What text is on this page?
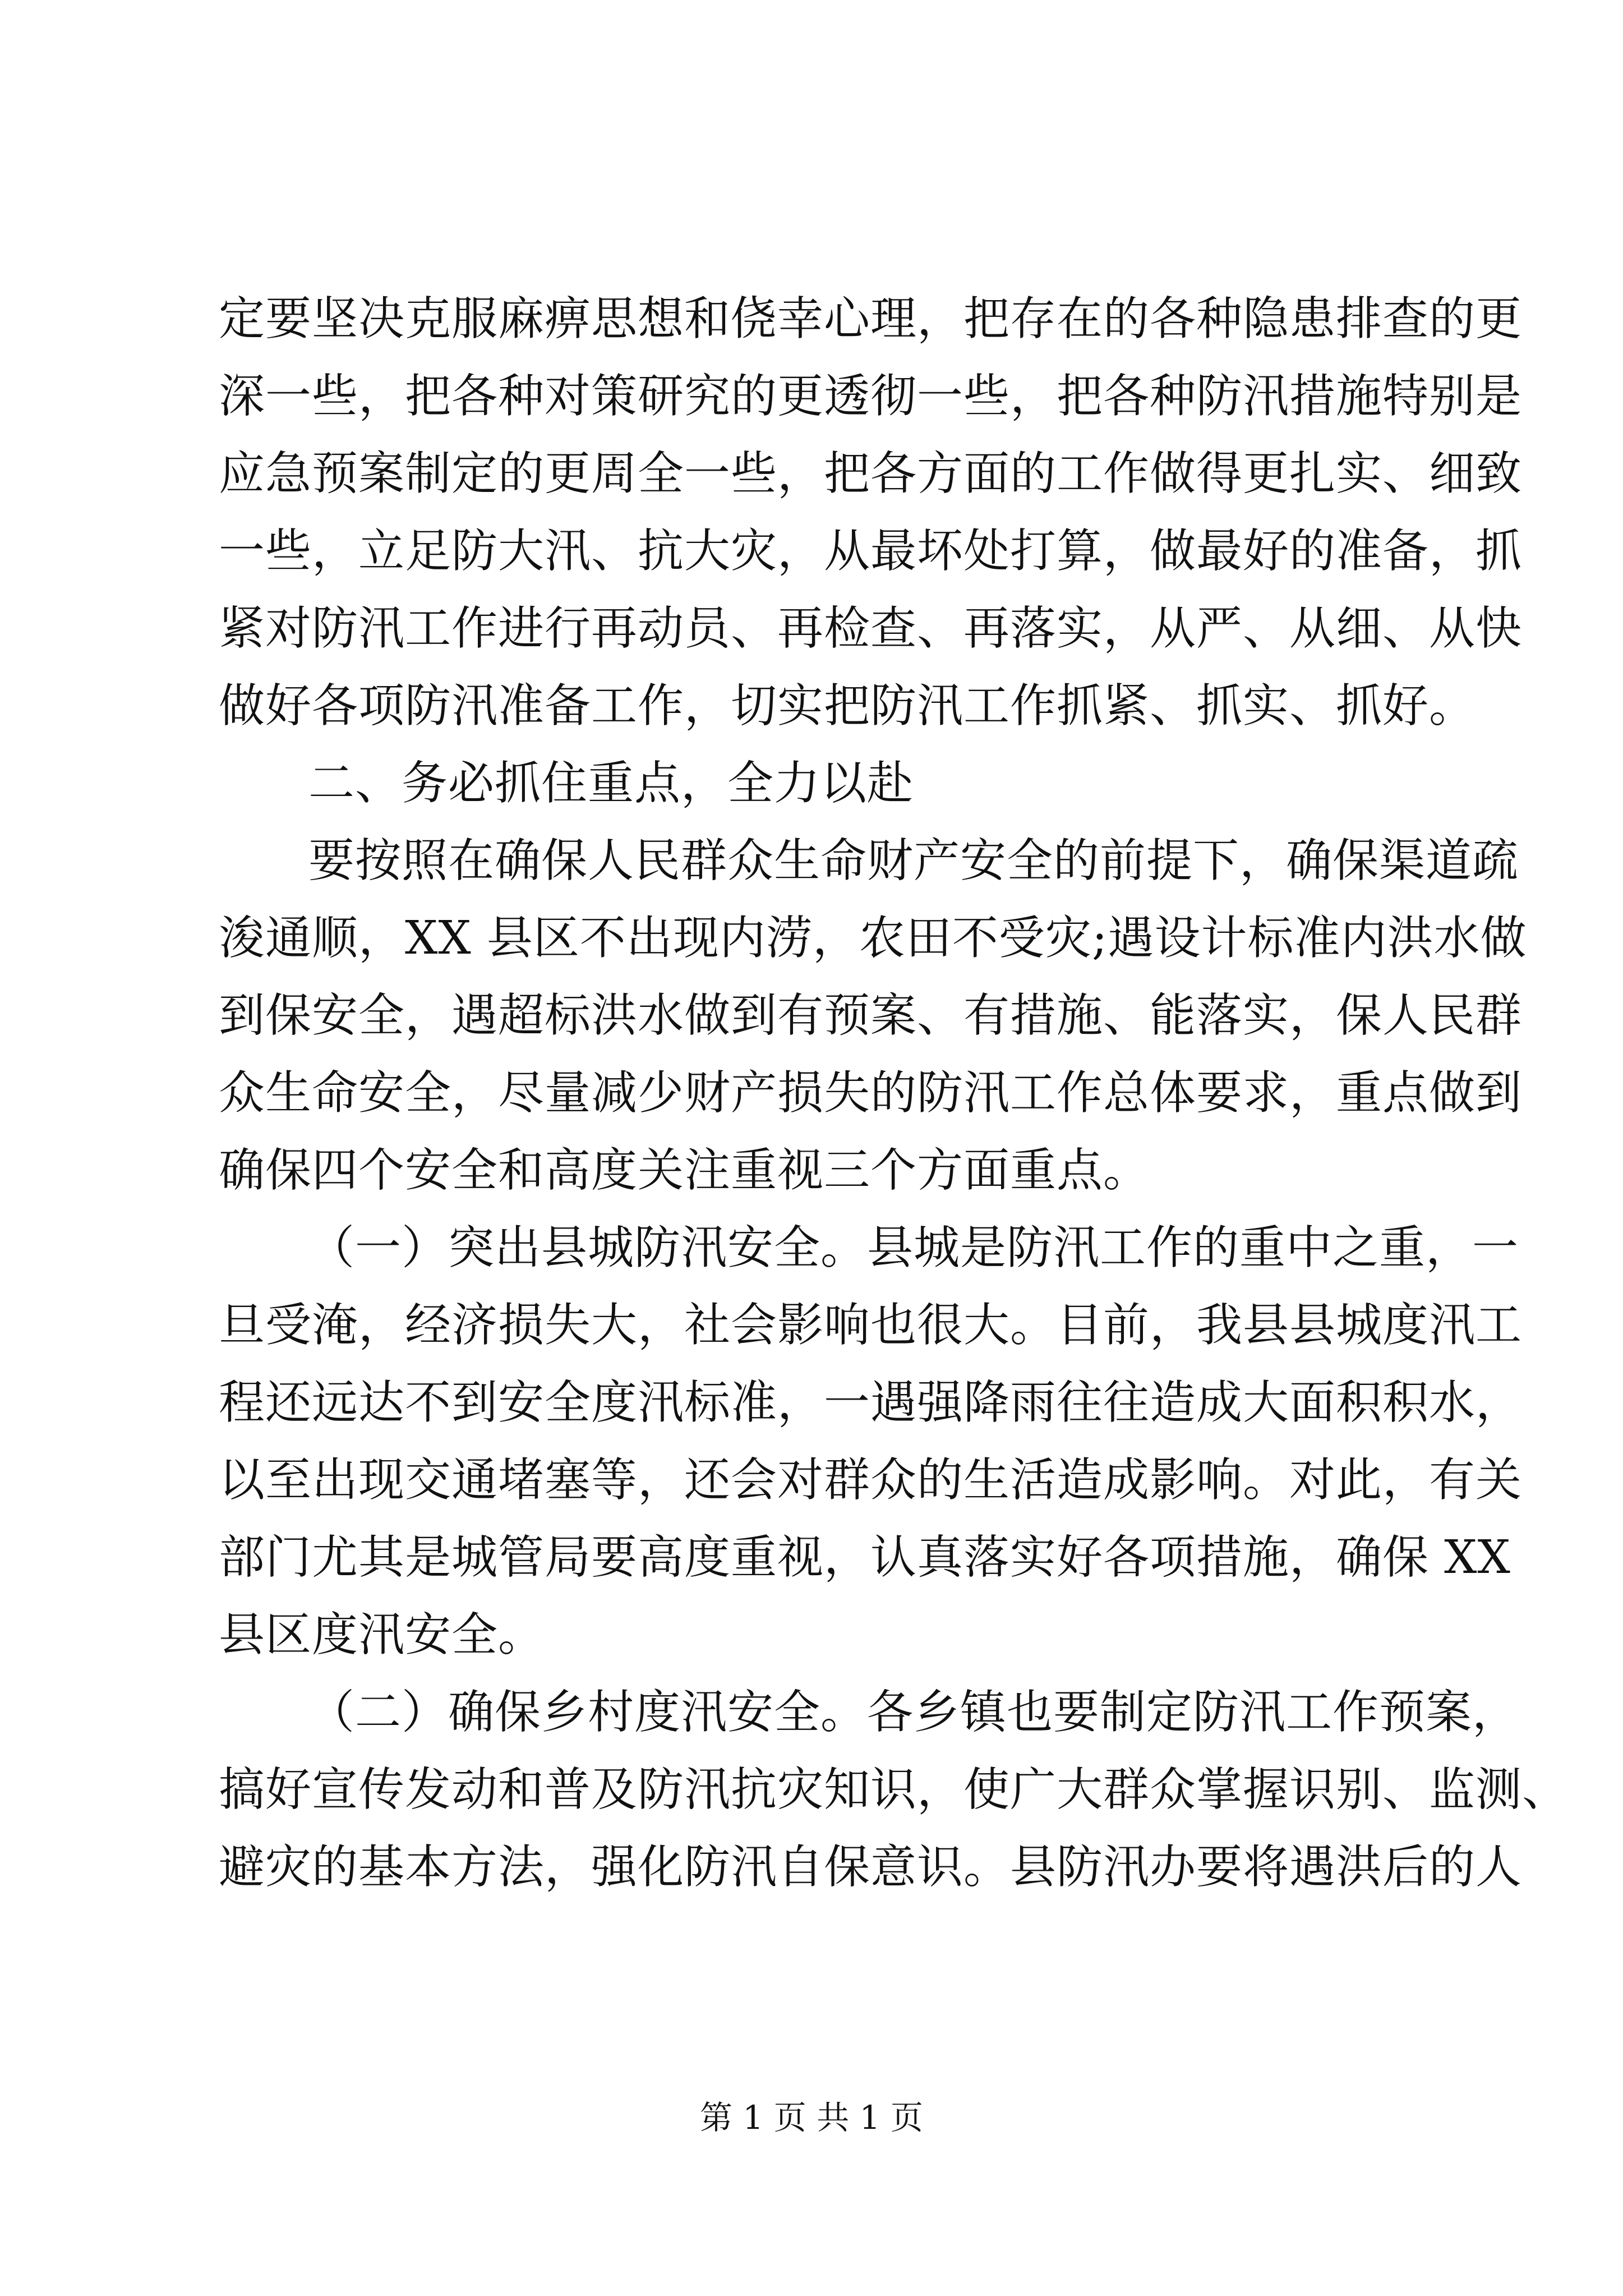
定要坚决克服麻痹思想和侥幸心理，把存在的各种隐患排查的更
深一些，把各种对策研究的更透彻一些，把各种防汛措施特别是
应急预案制定的更周全一些，把各方面的工作做得更扎实、细致
一些，立足防大汛、抗大灾，从最坏处打算，做最好的准备，抓
紧对防汛工作进行再动员、再检查、再落实，从严、从细、从快
做好各项防汛准备工作，切实把防汛工作抓紧、抓实、抓好。
二、务必抓住重点，全力以赴
要按照在确保人民群众生命财产安全的前提下，确保渠道疏
浚通顺，XX 县区不出现内涝，农田不受灾;遇设计标准内洪水做
到保安全，遇超标洪水做到有预案、有措施、能落实，保人民群
众生命安全，尽量减少财产损失的防汛工作总体要求，重点做到
确保四个安全和高度关注重视三个方面重点。
（一）突出县城防汛安全。县城是防汛工作的重中之重，一
旦受淹，经济损失大，社会影响也很大。目前，我县县城度汛工
程还远达不到安全度汛标准，一遇强降雨往往造成大面积积水，
以至出现交通堵塞等，还会对群众的生活造成影响。对此，有关
部门尤其是城管局要高度重视，认真落实好各项措施，确保 XX
县区度汛安全。
（二）确保乡村度汛安全。各乡镇也要制定防汛工作预案，
搞好宣传发动和普及防汛抗灾知识，使广大群众掌握识别、监测、
避灾的基本方法，强化防汛自保意识。县防汛办要将遇洪后的人
第 1 页 共 1 页
